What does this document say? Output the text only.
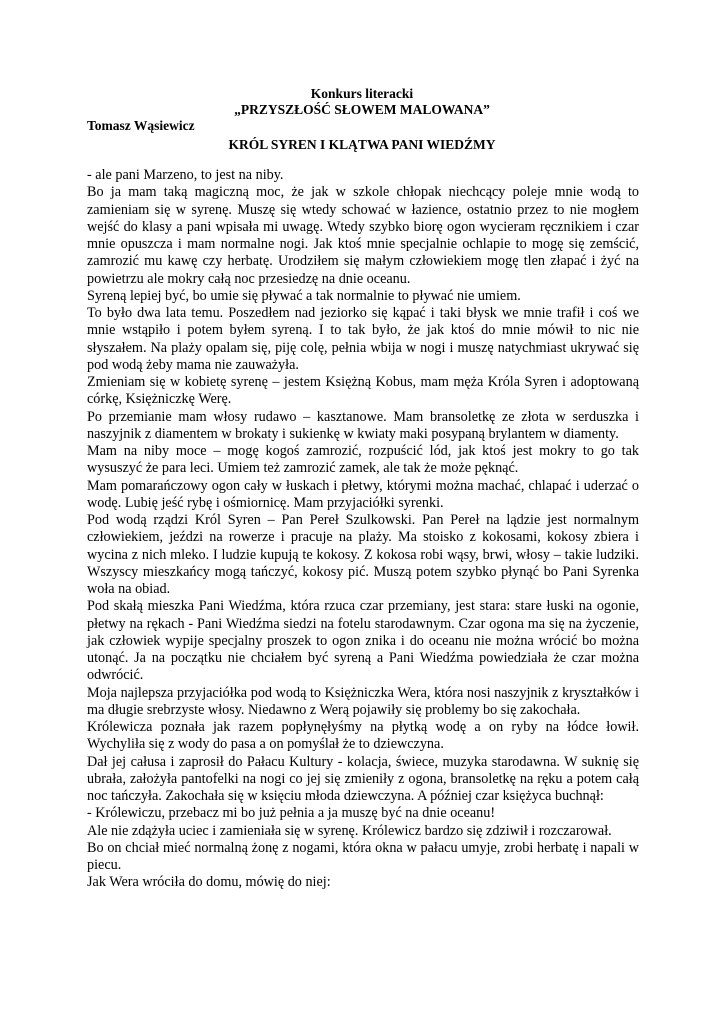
Konkurs literacki
„PRZYSZŁOŚĆ SŁOWEM MALOWANA”
Tomasz Wąsiewicz
KRÓL SYREN I KLĄTWA PANI WIEDŹMY

- ale pani Marzeno, to jest na niby.

Bo ja mam taką magiczną moc, że jak w szkole chłopak niechcący poleje mnie wodą to zamieniam się w syrenę. Muszę się wtedy schować w łazience, ostatnio przez to nie mogłem wejść do klasy a pani wpisała mi uwagę. Wtedy szybko biorę ogon wycieram ręcznikiem i czar mnie opuszcza i mam normalne nogi. Jak ktoś mnie specjalnie ochlapie to mogę się zemścić, zamrozić mu kawę czy herbatę. Urodziłem się małym człowiekiem mogę tlen złapać i żyć na powietrzu ale mokry całą noc przesiedzę na dnie oceanu.

Syreną lepiej być, bo umie się pływać a tak normalnie to pływać nie umiem.

To było dwa lata temu. Poszedłem nad jeziorko się kąpać i taki błysk we mnie trafił i coś we mnie wstąpiło i potem byłem syreną. I to tak było, że jak ktoś do mnie mówił to nic nie słyszałem. Na plaży opalam się, piję colę, pełnia wbija w nogi i muszę natychmiast ukrywać się pod wodą żeby mama nie zauważyła.

Zmieniam się w kobietę syrenę – jestem Księżną Kobus, mam męża Króla Syren i adoptowaną córkę, Księżniczkę Werę.

Po przemianie mam włosy rudawo – kasztanowe. Mam bransoletkę ze złota w serduszka i naszyjnik z diamentem w brokaty i sukienkę w kwiaty maki posypaną brylantem w diamenty.

Mam na niby moce – mogę kogoś zamrozić, rozpuścić lód, jak ktoś jest mokry to go tak wysuszyć że para leci. Umiem też zamrozić zamek, ale tak że może pęknąć.

Mam pomarańczowy ogon cały w łuskach i płetwy, którymi można machać, chlapać i uderzać o wodę. Lubię jeść rybę i ośmiornicę. Mam przyjaciółki syrenki.

Pod wodą rządzi Król Syren – Pan Pereł Szulkowski. Pan Pereł na lądzie jest normalnym człowiekiem, jeździ na rowerze i pracuje na plaży. Ma stoisko z kokosami, kokosy zbiera i wycina z nich mleko. I ludzie kupują te kokosy. Z kokosa robi wąsy, brwi, włosy – takie ludziki. Wszyscy mieszkańcy mogą tańczyć, kokosy pić. Muszą potem szybko płynąć bo Pani Syrenka woła na obiad.

Pod skałą mieszka Pani Wiedźma, która rzuca czar przemiany, jest stara: stare łuski na ogonie, płetwy na rękach - Pani Wiedźma siedzi na fotelu starodawnym. Czar ogona ma się na życzenie, jak człowiek wypije specjalny proszek to ogon znika i do oceanu nie można wrócić bo można utonąć. Ja na początku nie chciałem być syreną a Pani Wiedźma powiedziała że czar można odwrócić.

Moja najlepsza przyjaciółka pod wodą to Księżniczka Wera, która nosi naszyjnik z kryształków i ma długie srebrzyste włosy. Niedawno z Werą pojawiły się problemy bo się zakochała.

Królewicza poznała jak razem popłynęłyśmy na płytką wodę a on ryby na łódce łowił. Wychyliła się z wody do pasa a on pomyślał że to dziewczyna.

Dał jej całusa i zaprosił do Pałacu Kultury - kolacja, świece, muzyka starodawna. W suknię się ubrała, założyła pantofelki na nogi co jej się zmieniły z ogona, bransoletkę na ręku a potem całą noc tańczyła. Zakochała się w księciu młoda dziewczyna. A później czar księżyca buchnął:

- Królewiczu, przebacz mi bo już pełnia a ja muszę być na dnie oceanu!

Ale nie zdążyła uciec i zamieniała się w syrenę. Królewicz bardzo się zdziwił i rozczarował.

Bo on chciał mieć normalną żonę z nogami, która okna w pałacu umyje, zrobi herbatę i napali w piecu.

Jak Wera wróciła do domu, mówię do niej:
